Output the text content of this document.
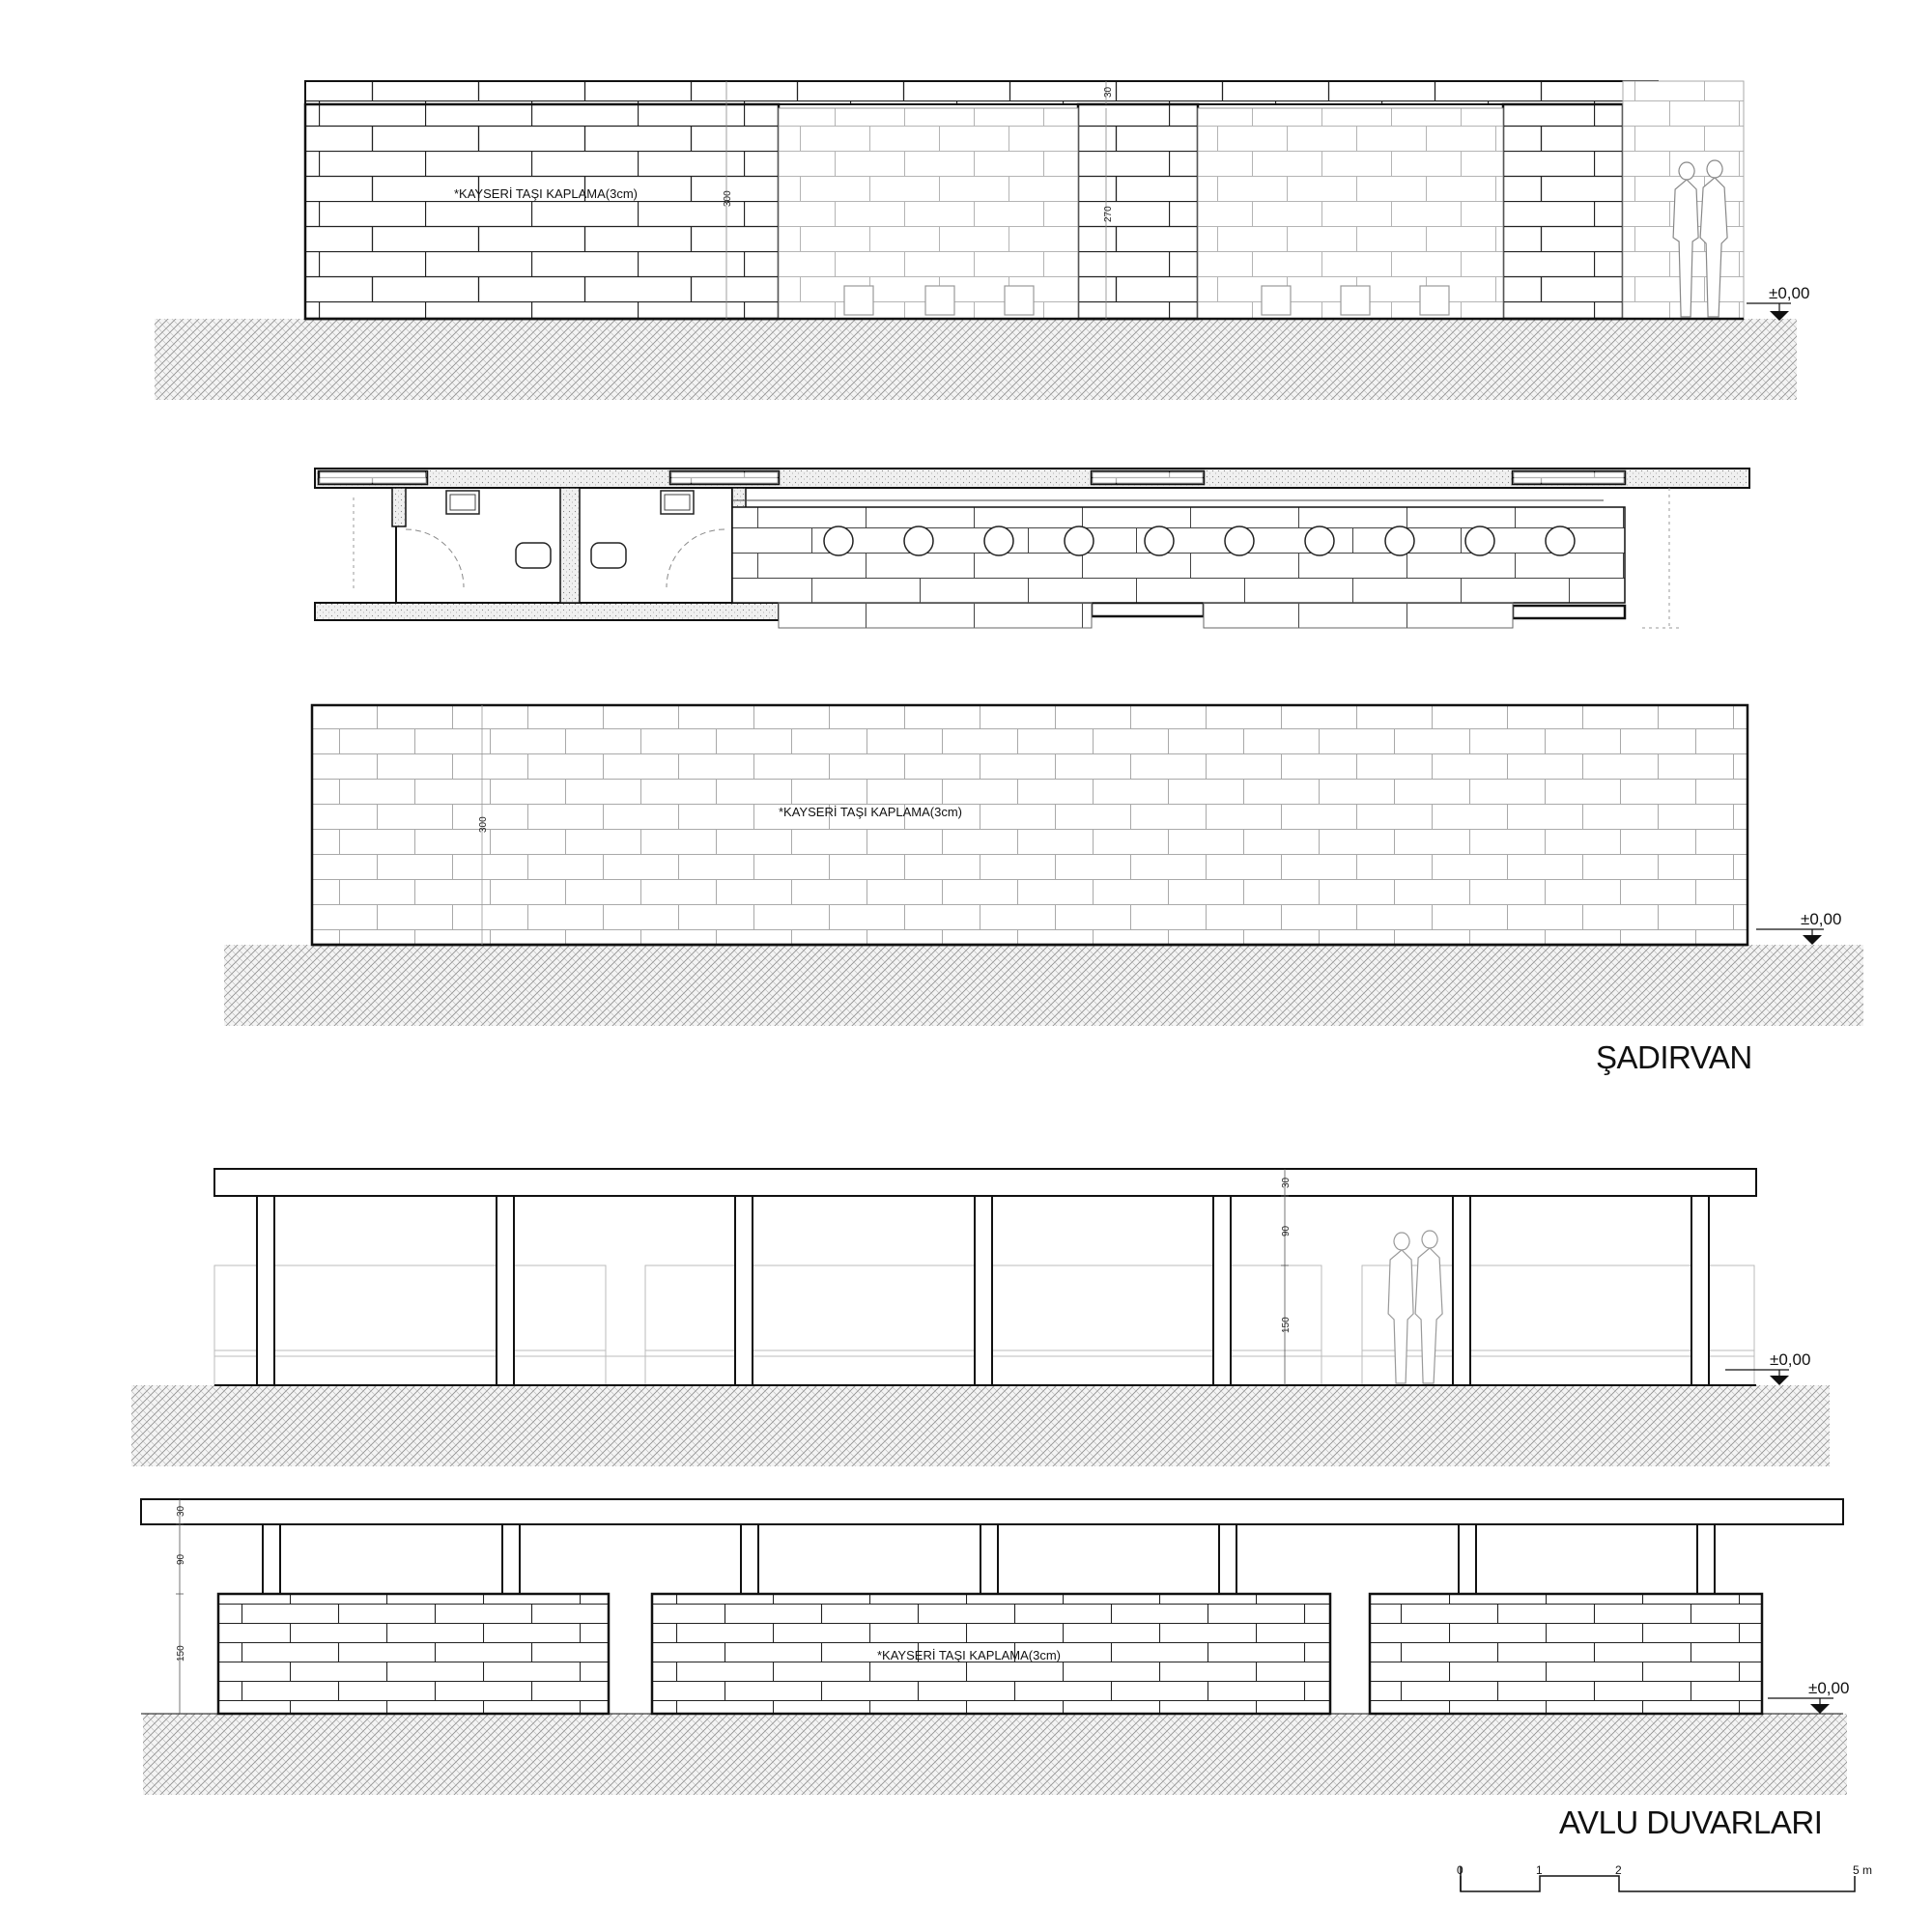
30
300
270
*KAYSERİ TAŞI KAPLAMA(3cm)
±0,00
300
*KAYSERİ TAŞI KAPLAMA(3cm)
±0,00
ŞADIRVAN
30
90
150
±0,00
30
90
150	*KAYSERİ TAŞI KAPLAMA(3cm)
±0,00
AVLU DUVARLARI
0	1	2	5 m
